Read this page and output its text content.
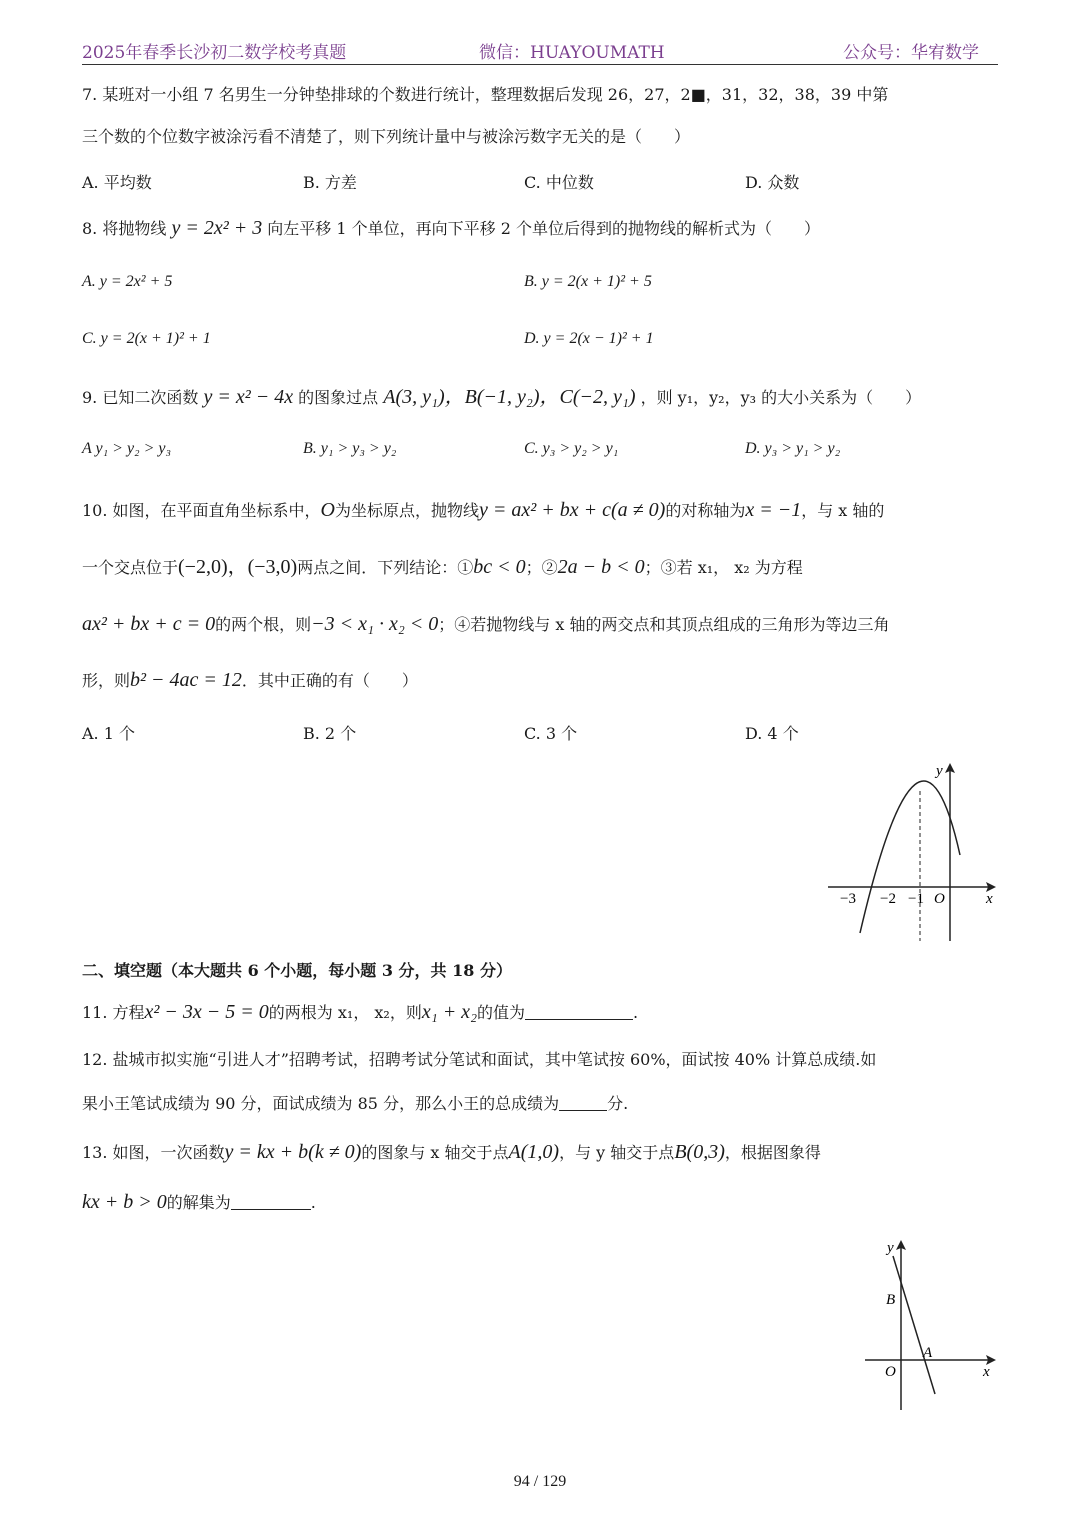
2025年春季长沙初二数学校考真题	微信：HUAYOUMATH	公众号：华宥数学
7. 某班对一小组 7 名男生一分钟垫排球的个数进行统计，整理数据后发现 26，27，2■，31，32，38，39 中第
三个数的个位数字被涂污看不清楚了，则下列统计量中与被涂污数字无关的是（　　）
A. 平均数	B. 方差	C. 中位数	D. 众数
8. 将抛物线 y = 2x² + 3 向左平移 1 个单位，再向下平移 2 个单位后得到的抛物线的解析式为（　　）
A. y = 2x² + 5	B. y = 2(x + 1)² + 5
C. y = 2(x + 1)² + 1	D. y = 2(x − 1)² + 1
9. 已知二次函数 y = x² − 4x 的图象过点 A(3, y₁)，B(−1, y₂)，C(−2, y₁) ，则 y₁，y₂，y₃ 的大小关系为（　　）
A y₁ > y₂ > y₃	B. y₁ > y₃ > y₂	C. y₃ > y₂ > y₁	D. y₃ > y₁ > y₂
10. 如图，在平面直角坐标系中，O为坐标原点，抛物线y = ax² + bx + c(a ≠ 0)的对称轴为x = −1，与 x 轴的
一个交点位于(−2,0)，(−3,0)两点之间．下列结论：①bc < 0；②2a − b < 0；③若 x₁， x₂ 为方程
ax² + bx + c = 0的两个根，则−3 < x₁ · x₂ < 0；④若抛物线与 x 轴的两交点和其顶点组成的三角形为等边三角
形，则b² − 4ac = 12．其中正确的有（　　）
A. 1 个	B. 2 个	C. 3 个	D. 4 个
y
x
−3 −2 −1 O
二、填空题（本大题共 6 个小题，每小题 3 分，共 18 分）
11. 方程x² − 3x − 5 = 0的两根为 x₁， x₂，则x₁ + x₂的值为	.
12. 盐城市拟实施“引进人才”招聘考试，招聘考试分笔试和面试，其中笔试按 60%，面试按 40% 计算总成绩.如
果小王笔试成绩为 90 分，面试成绩为 85 分，那么小王的总成绩为	分.
13. 如图，一次函数y = kx + b(k ≠ 0)的图象与 x 轴交于点A(1,0)，与 y 轴交于点B(0,3)，根据图象得
kx + b > 0的解集为	.
y
x
B
A
O
94 / 129
